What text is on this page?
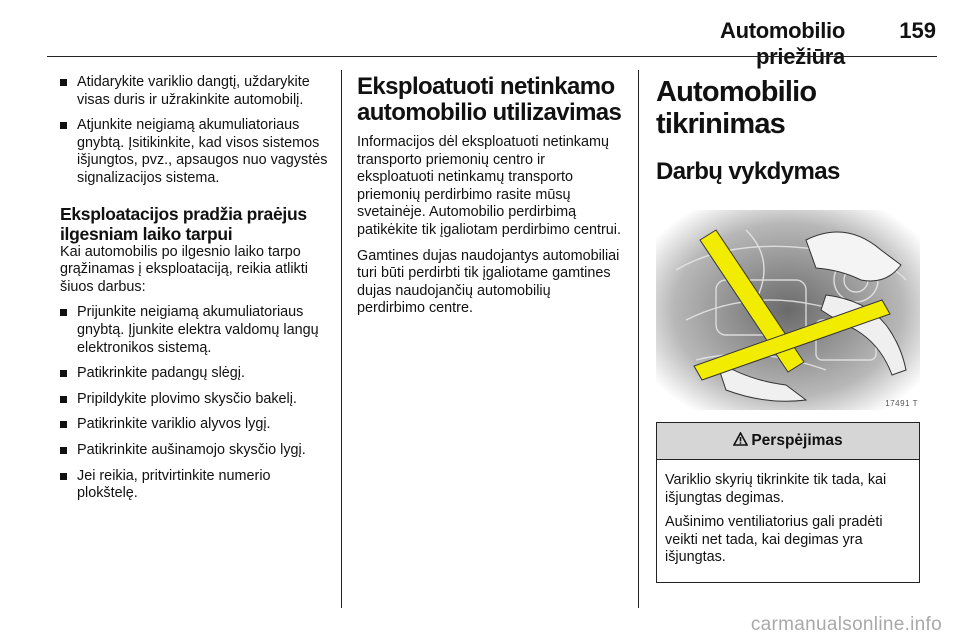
Automobilio priežiūra
159
Atidarykite variklio dangtį, uždarykite visas duris ir užrakinkite automobilį.
Atjunkite neigiamą akumuliatoriaus gnybtą. Įsitikinkite, kad visos sistemos išjungtos, pvz., apsaugos nuo vagystės signalizacijos sistema.
Eksploatacijos pradžia praėjus ilgesniam laiko tarpui

Kai automobilis po ilgesnio laiko tarpo grąžinamas į eksploataciją, reikia atlikti šiuos darbus:

Prijunkite neigiamą akumuliatoriaus gnybtą. Įjunkite elektra valdomų langų elektronikos sistemą.
Patikrinkite padangų slėgį.
Pripildykite plovimo skysčio bakelį.
Patikrinkite variklio alyvos lygį.
Patikrinkite aušinamojo skysčio lygį.
Jei reikia, pritvirtinkite numerio plokštelę.
Eksploatuoti netinkamo automobilio utilizavimas

Informacijos dėl eksploatuoti netinkamų transporto priemonių centro ir eksploatuoti netinkamų transporto priemonių perdirbimo rasite mūsų svetainėje. Automobilio perdirbimą patikėkite tik įgaliotam perdirbimo centrui.

Gamtines dujas naudojantys automobiliai turi būti perdirbti tik įgaliotame gamtines dujas naudojančių automobilių perdirbimo centre.

Automobilio tikrinimas
Darbų vykdymas
17491 T
Perspėjimas

Variklio skyrių tikrinkite tik tada, kai išjungtas degimas.

Aušinimo ventiliatorius gali pradėti veikti net tada, kai degimas yra išjungtas.

carmanualsonline.info
